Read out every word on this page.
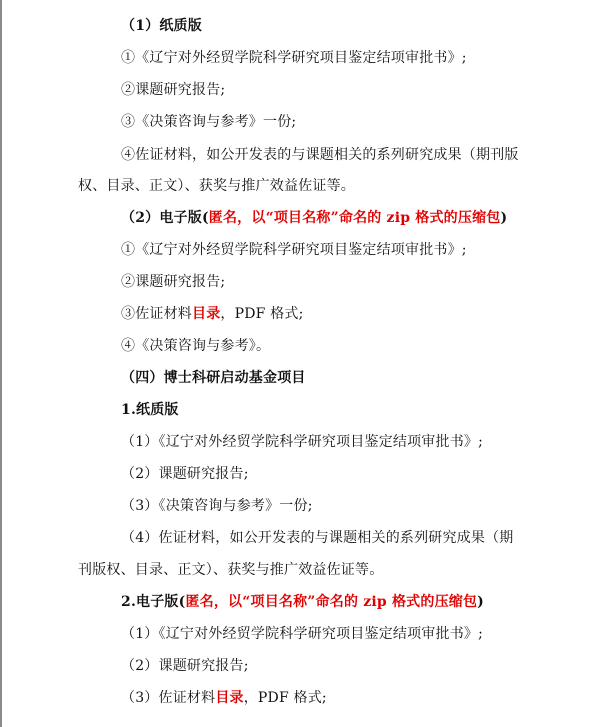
（1）纸质版
①《辽宁对外经贸学院科学研究项目鉴定结项审批书》;
②课题研究报告;
③《决策咨询与参考》一份;
④佐证材料，如公开发表的与课题相关的系列研究成果（期刊版
权、目录、正文）、获奖与推广效益佐证等。
（2）电子版(匿名，以“项目名称”命名的 zip 格式的压缩包)
①《辽宁对外经贸学院科学研究项目鉴定结项审批书》;
②课题研究报告;
③佐证材料目录，PDF 格式;
④《决策咨询与参考》。
（四）博士科研启动基金项目
1.纸质版
（1）《辽宁对外经贸学院科学研究项目鉴定结项审批书》;
（2）课题研究报告;
（3）《决策咨询与参考》一份;
（4）佐证材料，如公开发表的与课题相关的系列研究成果（期
刊版权、目录、正文）、获奖与推广效益佐证等。
2.电子版(匿名，以“项目名称”命名的 zip 格式的压缩包)
（1）《辽宁对外经贸学院科学研究项目鉴定结项审批书》;
（2）课题研究报告;
（3）佐证材料目录，PDF 格式;
